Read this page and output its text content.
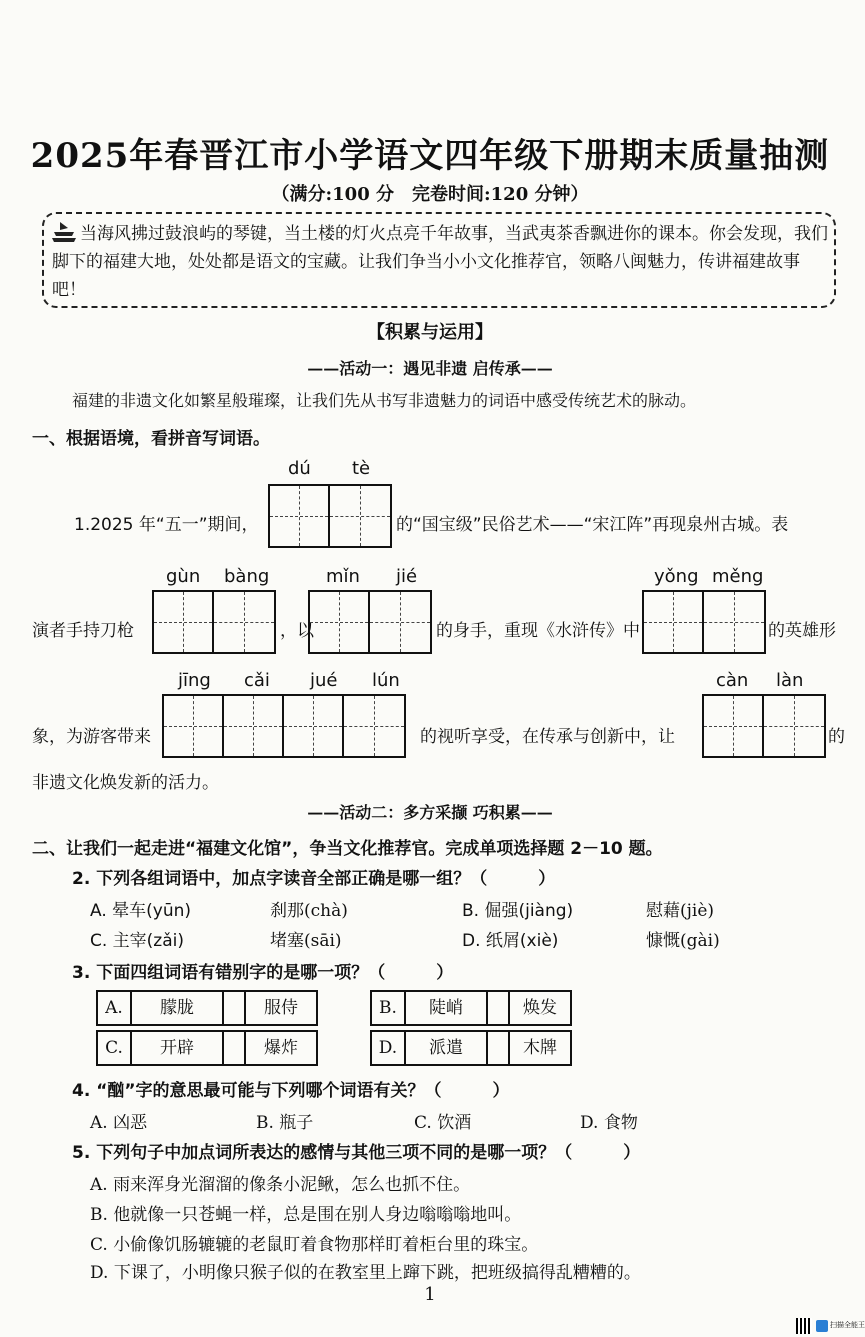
2025年春晋江市小学语文四年级下册期末质量抽测
（满分:100 分　完卷时间:120 分钟）
当海风拂过鼓浪屿的琴键，当土楼的灯火点亮千年故事，当武夷茶香飘进你的课本。你会发现，我们脚下的福建大地，处处都是语文的宝藏。让我们争当小小文化推荐官，领略八闽魅力，传讲福建故事吧！
【积累与运用】
——活动一：遇见非遗 启传承——
福建的非遗文化如繁星般璀璨，让我们先从书写非遗魅力的词语中感受传统艺术的脉动。
一、根据语境，看拼音写词语。
dú tè
1.2025 年“五一”期间，	的“国宝级”民俗艺术——“宋江阵”再现泉州古城。表
gùn bàng	mǐn jié	yǒng měng
演者手持刀枪	，以	的身手，重现《水浒传》中	的英雄形
jīng cǎi jué lún	càn làn
象，为游客带来	的视听享受，在传承与创新中，让	的
非遗文化焕发新的活力。
——活动二：多方采撷 巧积累——
二、让我们一起走进“福建文化馆”，争当文化推荐官。完成单项选择题 2－10 题。
2. 下列各组词语中，加点字读音全部正确是哪一组？（　　　）
A. 晕车(yūn)	刹那(chà)	B. 倔强(jiàng)	慰藉(jiè)
C. 主宰(zǎi)	堵塞(sāi)	D. 纸屑(xiè)	慷慨(gài)
3. 下面四组词语有错别字的是哪一项？（　　　）
A.	朦胧	服侍	B.	陡峭	焕发
C.	开辟	爆炸	D.	派遣	木牌
4. “酗”字的意思最可能与下列哪个词语有关？（　　　）
A. 凶恶	B. 瓶子	C. 饮酒	D. 食物
5. 下列句子中加点词所表达的感情与其他三项不同的是哪一项？（　　　）
A. 雨来浑身光溜溜的像条小泥鳅，怎么也抓不住。
B. 他就像一只苍蝇一样，总是围在别人身边嗡嗡嗡地叫。
C. 小偷像饥肠辘辘的老鼠盯着食物那样盯着柜台里的珠宝。
D. 下课了，小明像只猴子似的在教室里上蹿下跳，把班级搞得乱糟糟的。
1
扫描全能王
